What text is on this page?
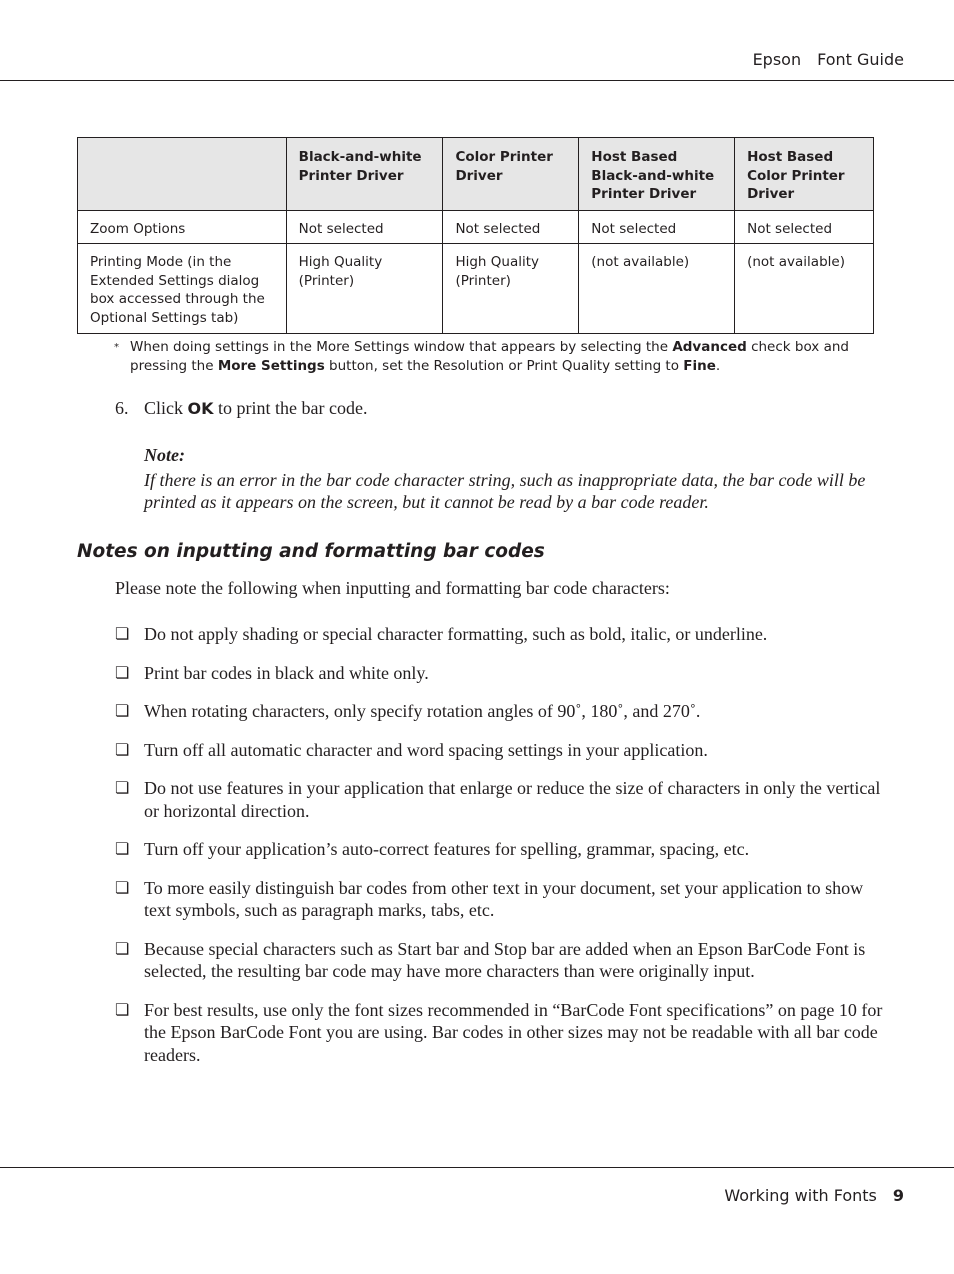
Epson Font Guide
	Black-and-white Printer Driver	Color Printer Driver	Host Based Black-and-white Printer Driver	Host Based Color Printer Driver
Zoom Options	Not selected	Not selected	Not selected	Not selected
Printing Mode (in the Extended Settings dialog box accessed through the Optional Settings tab)	High Quality (Printer)	High Quality (Printer)	(not available)	(not available)
* When doing settings in the More Settings window that appears by selecting the Advanced check box and pressing the More Settings button, set the Resolution or Print Quality setting to Fine.

6. Click OK to print the bar code.
Note:
If there is an error in the bar code character string, such as inappropriate data, the bar code will be printed as it appears on the screen, but it cannot be read by a bar code reader.
Notes on inputting and formatting bar codes
Please note the following when inputting and formatting bar code characters:
❏ Do not apply shading or special character formatting, such as bold, italic, or underline.
❏ Print bar codes in black and white only.
❏ When rotating characters, only specify rotation angles of 90˚, 180˚, and 270˚.
❏ Turn off all automatic character and word spacing settings in your application.
❏ Do not use features in your application that enlarge or reduce the size of characters in only the vertical or horizontal direction.
❏ Turn off your application’s auto-correct features for spelling, grammar, spacing, etc.
❏ To more easily distinguish bar codes from other text in your document, set your application to show text symbols, such as paragraph marks, tabs, etc.
❏ Because special characters such as Start bar and Stop bar are added when an Epson BarCode Font is selected, the resulting bar code may have more characters than were originally input.
❏ For best results, use only the font sizes recommended in “BarCode Font specifications” on page 10 for the Epson BarCode Font you are using. Bar codes in other sizes may not be readable with all bar code readers.
Working with Fonts 9
